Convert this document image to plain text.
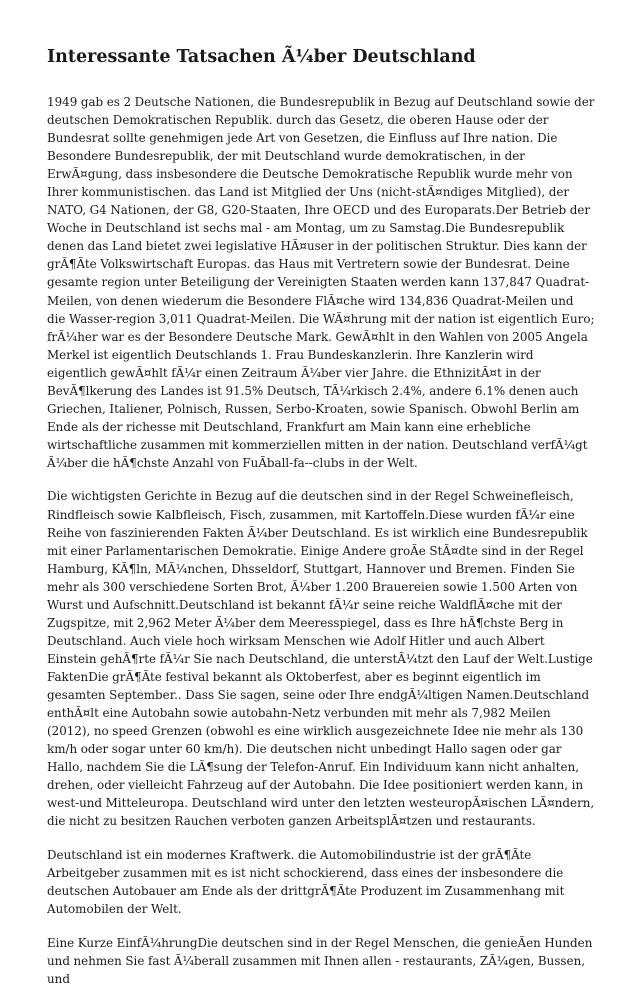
Interessante Tatsachen Ã¼ber Deutschland

1949 gab es 2 Deutsche Nationen, die Bundesrepublik in Bezug auf Deutschland sowie der deutschen Demokratischen Republik. durch das Gesetz, die oberen Hause oder der Bundesrat sollte genehmigen jede Art von Gesetzen, die Einfluss auf Ihre nation. Die Besondere Bundesrepublik, der mit Deutschland wurde demokratischen, in der ErwÃ¤gung, dass insbesondere die Deutsche Demokratische Republik wurde mehr von Ihrer kommunistischen. das Land ist Mitglied der Uns (nicht-stÃ¤ndiges Mitglied), der NATO, G4 Nationen, der G8, G20-Staaten, Ihre OECD und des Europarats.Der Betrieb der Woche in Deutschland ist sechs mal - am Montag, um zu Samstag.Die Bundesrepublik denen das Land bietet zwei legislative HÃ¤user in der politischen Struktur. Dies kann der grÃ¶Ãte Volkswirtschaft Europas. das Haus mit Vertretern sowie der Bundesrat. Deine gesamte region unter Beteiligung der Vereinigten Staaten werden kann 137,847 Quadrat-Meilen, von denen wiederum die Besondere FlÃ¤che wird 134,836 Quadrat-Meilen und die Wasser-region 3,011 Quadrat-Meilen. Die WÃ¤hrung mit der nation ist eigentlich Euro; frÃ¼her war es der Besondere Deutsche Mark. GewÃ¤hlt in den Wahlen von 2005 Angela Merkel ist eigentlich Deutschlands 1. Frau Bundeskanzlerin. Ihre Kanzlerin wird eigentlich gewÃ¤hlt fÃ¼r einen Zeitraum Ã¼ber vier Jahre. die EthnizitÃ¤t in der BevÃ¶lkerung des Landes ist 91.5% Deutsch, TÃ¼rkisch 2.4%, andere 6.1% denen auch Griechen, Italiener, Polnisch, Russen, Serbo-Kroaten, sowie Spanisch. Obwohl Berlin am Ende als der richesse mit Deutschland, Frankfurt am Main kann eine erhebliche wirtschaftliche zusammen mit kommerziellen mitten in der nation. Deutschland verfÃ¼gt Ã¼ber die hÃ¶chste Anzahl von FuÃball-fa--clubs in der Welt.

Die wichtigsten Gerichte in Bezug auf die deutschen sind in der Regel Schweinefleisch, Rindfleisch sowie Kalbfleisch, Fisch, zusammen, mit Kartoffeln.Diese wurden fÃ¼r eine Reihe von faszinierenden Fakten Ã¼ber Deutschland. Es ist wirklich eine Bundesrepublik mit einer Parlamentarischen Demokratie. Einige Andere groÃe StÃ¤dte sind in der Regel Hamburg, KÃ¶ln, MÃ¼nchen, Dhsseldorf, Stuttgart, Hannover und Bremen. Finden Sie mehr als 300 verschiedene Sorten Brot, Ã¼ber 1.200 Brauereien sowie 1.500 Arten von Wurst und Aufschnitt.Deutschland ist bekannt fÃ¼r seine reiche WaldflÃ¤che mit der Zugspitze, mit 2,962 Meter Ã¼ber dem Meeresspiegel, dass es Ihre hÃ¶chste Berg in Deutschland. Auch viele hoch wirksam Menschen wie Adolf Hitler und auch Albert Einstein gehÃ¶rte fÃ¼r Sie nach Deutschland, die unterstÃ¼tzt den Lauf der Welt.Lustige FaktenDie grÃ¶Ãte festival bekannt als Oktoberfest, aber es beginnt eigentlich im gesamten September.. Dass Sie sagen, seine oder Ihre endgÃ¼ltigen Namen.Deutschland enthÃ¤lt eine Autobahn sowie autobahn-Netz verbunden mit mehr als 7,982 Meilen (2012), no speed Grenzen (obwohl es eine wirklich ausgezeichnete Idee nie mehr als 130 km/h oder sogar unter 60 km/h). Die deutschen nicht unbedingt Hallo sagen oder gar Hallo, nachdem Sie die LÃ¶sung der Telefon-Anruf. Ein Individuum kann nicht anhalten, drehen, oder vielleicht Fahrzeug auf der Autobahn. Die Idee positioniert werden kann, in west-und Mitteleuropa. Deutschland wird unter den letzten westeuropÃ¤ischen LÃ¤ndern, die nicht zu besitzen Rauchen verboten ganzen ArbeitsplÃ¤tzen und restaurants.

Deutschland ist ein modernes Kraftwerk. die Automobilindustrie ist der grÃ¶Ãte Arbeitgeber zusammen mit es ist nicht schockierend, dass eines der insbesondere die deutschen Autobauer am Ende als der drittgrÃ¶Ãte Produzent im Zusammenhang mit Automobilen der Welt.

Eine Kurze EinfÃ¼hrungDie deutschen sind in der Regel Menschen, die genieÃen Hunden und nehmen Sie fast Ã¼berall zusammen mit Ihnen allen - restaurants, ZÃ¼gen, Bussen, und
